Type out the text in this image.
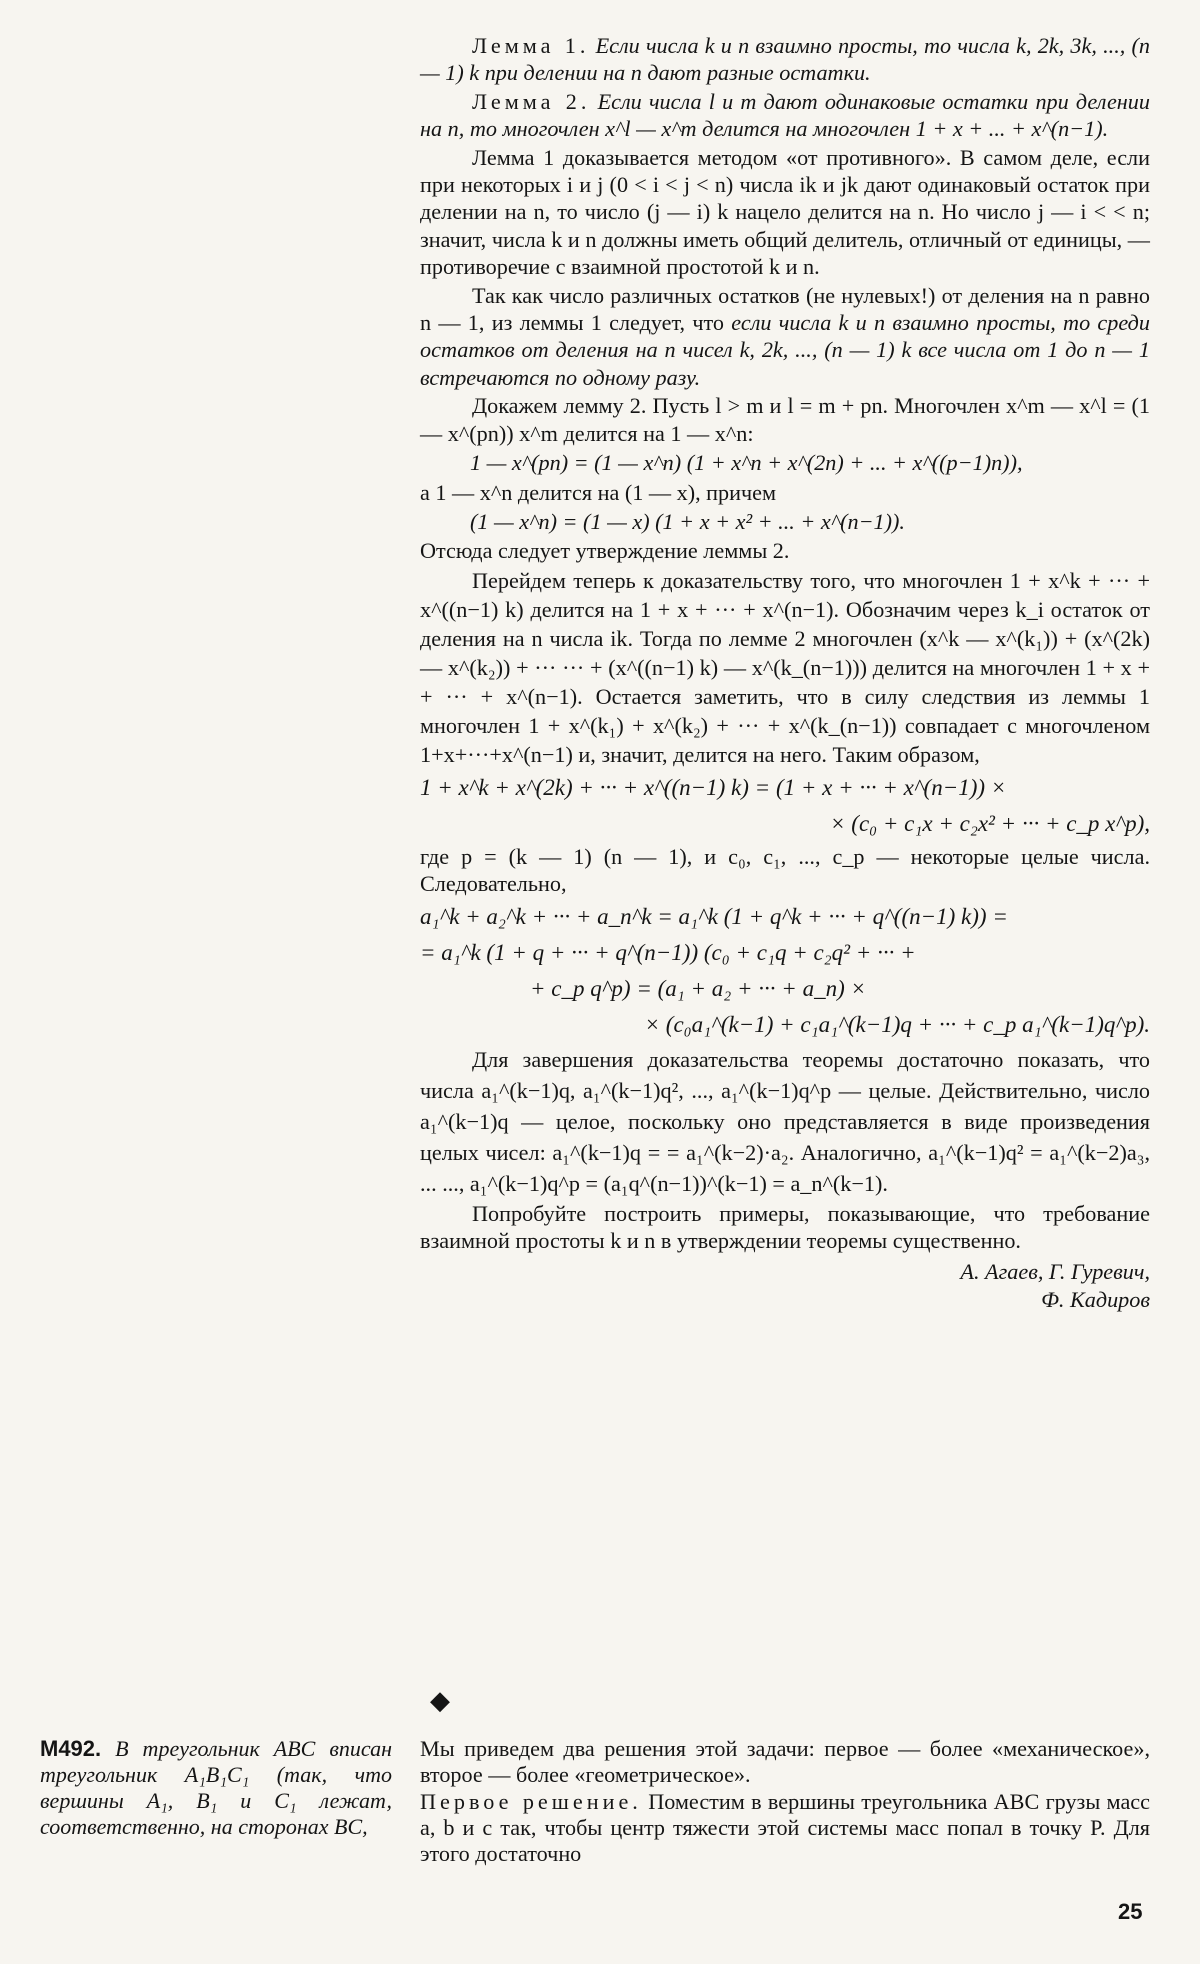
Лемма 1. Если числа k и n взаимно просты, то числа k, 2k, 3k, ..., (n — 1) k при делении на n дают разные остатки.

Лемма 2. Если числа l и m дают одинаковые остатки при делении на n, то многочлен x^l — x^m делится на многочлен 1 + x + ... + x^(n−1).

Лемма 1 доказывается методом «от противного». В самом деле, если при некоторых i и j (0 < i < j < n) числа ik и jk дают одинаковый остаток при делении на n, то число (j — i) k нацело делится на n. Но число j — i < < n; значит, числа k и n должны иметь общий делитель, отличный от единицы, — противоречие с взаимной простотой k и n.

Так как число различных остатков (не нулевых!) от деления на n равно n — 1, из леммы 1 следует, что если числа k и n взаимно просты, то среди остатков от деления на n чисел k, 2k, ..., (n — 1) k все числа от 1 до n — 1 встречаются по одному разу.

Докажем лемму 2. Пусть l > m и l = m + pn. Многочлен x^m — x^l = (1 — x^(pn)) x^m делится на 1 — x^n:

1 — x^(pn) = (1 — x^n) (1 + x^n + x^(2n) + ... + x^((p−1)n)),

а 1 — x^n делится на (1 — x), причем

(1 — x^n) = (1 — x) (1 + x + x² + ... + x^(n−1)).

Отсюда следует утверждение леммы 2.

Перейдем теперь к доказательству того, что многочлен 1 + x^k + ··· + x^((n−1) k) делится на 1 + x + ··· + x^(n−1). Обозначим через k_i остаток от деления на n числа ik. Тогда по лемме 2 многочлен (x^k — x^(k₁)) + (x^(2k) — x^(k₂)) + ··· ··· + (x^((n−1) k) — x^(k_(n−1))) делится на многочлен 1 + x + + ··· + x^(n−1). Остается заметить, что в силу следствия из леммы 1 многочлен 1 + x^(k₁) + x^(k₂) + ··· + x^(k_(n−1)) совпадает с многочленом 1+x+···+x^(n−1) и, значит, делится на него. Таким образом,

1 + x^k + x^(2k) + ··· + x^((n−1) k) = (1 + x + ··· + x^(n−1)) ×
× (c₀ + c₁x + c₂x² + ··· + c_p x^p),

где p = (k — 1) (n — 1), и c₀, c₁, ..., c_p — некоторые целые числа. Следовательно,

a₁^k + a₂^k + ··· + a_n^k = a₁^k (1 + q^k + ··· + q^((n−1) k)) =
= a₁^k (1 + q + ··· + q^(n−1)) (c₀ + c₁q + c₂q² + ··· +
+ c_p q^p) = (a₁ + a₂ + ··· + a_n) ×
× (c₀a₁^(k−1) + c₁a₁^(k−1)q + ··· + c_p a₁^(k−1)q^p).

Для завершения доказательства теоремы достаточно показать, что числа a₁^(k−1)q, a₁^(k−1)q², ..., a₁^(k−1)q^p — целые. Действительно, число a₁^(k−1)q — целое, поскольку оно представляется в виде произведения целых чисел: a₁^(k−1)q = = a₁^(k−2)·a₂. Аналогично, a₁^(k−1)q² = a₁^(k−2)a₃, ... ..., a₁^(k−1)q^p = (a₁q^(n−1))^(k−1) = a_n^(k−1).

Попробуйте построить примеры, показывающие, что требование взаимной простоты k и n в утверждении теоремы существенно.

А. Агаев, Г. Гуревич,
Ф. Кадиров
◆
М492. В треугольник ABC вписан треугольник A₁B₁C₁ (так, что вершины A₁, B₁ и C₁ лежат, соответственно, на сторонах BC,

Мы приведем два решения этой задачи: первое — более «механическое», второе — более «геометрическое».

Первое решение. Поместим в вершины треугольника ABC грузы масс a, b и c так, чтобы центр тяжести этой системы масс попал в точку P. Для этого достаточно

25
